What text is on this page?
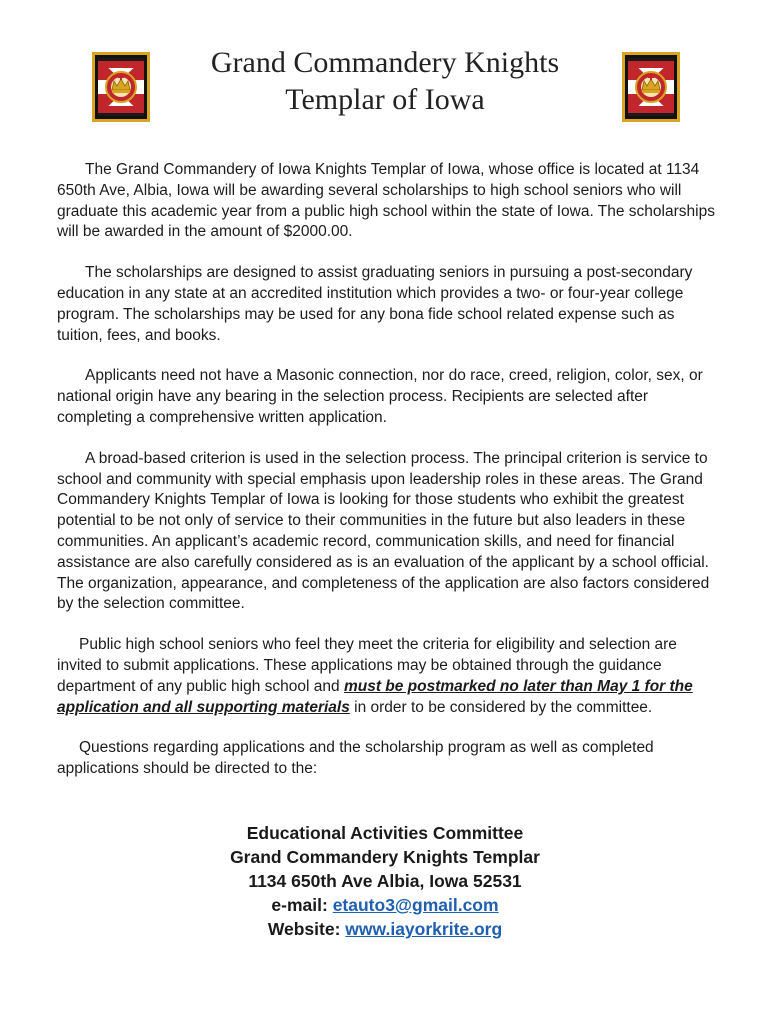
Grand Commandery Knights
Templar of Iowa

The Grand Commandery of Iowa Knights Templar of Iowa, whose office is located at 1134 650th Ave, Albia, Iowa will be awarding several scholarships to high school seniors who will graduate this academic year from a public high school within the state of Iowa. The scholarships will be awarded in the amount of $2000.00.

The scholarships are designed to assist graduating seniors in pursuing a post-secondary education in any state at an accredited institution which provides a two- or four-year college program. The scholarships may be used for any bona fide school related expense such as tuition, fees, and books.

Applicants need not have a Masonic connection, nor do race, creed, religion, color, sex, or national origin have any bearing in the selection process. Recipients are selected after completing a comprehensive written application.

A broad-based criterion is used in the selection process. The principal criterion is service to school and community with special emphasis upon leadership roles in these areas. The Grand Commandery Knights Templar of Iowa is looking for those students who exhibit the greatest potential to be not only of service to their communities in the future but also leaders in these communities. An applicant’s academic record, communication skills, and need for financial assistance are also carefully considered as is an evaluation of the applicant by a school official. The organization, appearance, and completeness of the application are also factors considered by the selection committee.

Public high school seniors who feel they meet the criteria for eligibility and selection are invited to submit applications. These applications may be obtained through the guidance department of any public high school and must be postmarked no later than May 1 for the application and all supporting materials in order to be considered by the committee.

Questions regarding applications and the scholarship program as well as completed applications should be directed to the:

Educational Activities Committee
Grand Commandery Knights Templar
1134 650th Ave Albia, Iowa 52531
e-mail: etauto3@gmail.com
Website: www.iayorkrite.org
